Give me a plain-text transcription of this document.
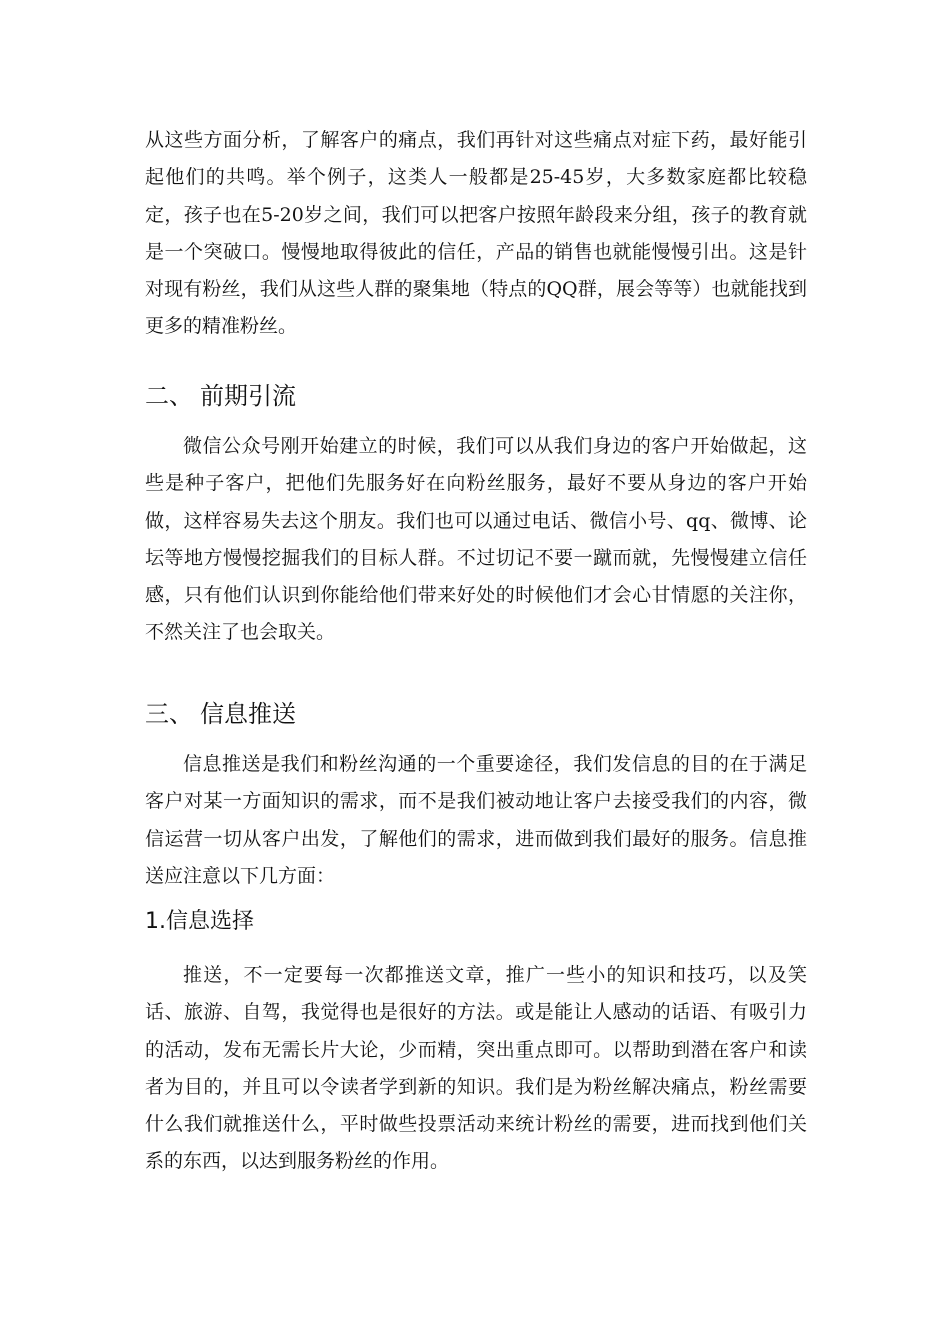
从这些方面分析，了解客户的痛点，我们再针对这些痛点对症下药，最好能引起他们的共鸣。举个例子，这类人一般都是25-45岁，大多数家庭都比较稳定，孩子也在5-20岁之间，我们可以把客户按照年龄段来分组，孩子的教育就是一个突破口。慢慢地取得彼此的信任，产品的销售也就能慢慢引出。这是针对现有粉丝，我们从这些人群的聚集地（特点的QQ群，展会等等）也就能找到更多的精准粉丝。

二、 前期引流

微信公众号刚开始建立的时候，我们可以从我们身边的客户开始做起，这些是种子客户，把他们先服务好在向粉丝服务，最好不要从身边的客户开始做，这样容易失去这个朋友。我们也可以通过电话、微信小号、qq、微博、论坛等地方慢慢挖掘我们的目标人群。不过切记不要一蹴而就，先慢慢建立信任感，只有他们认识到你能给他们带来好处的时候他们才会心甘情愿的关注你，不然关注了也会取关。

三、 信息推送

信息推送是我们和粉丝沟通的一个重要途径，我们发信息的目的在于满足客户对某一方面知识的需求，而不是我们被动地让客户去接受我们的内容，微信运营一切从客户出发，了解他们的需求，进而做到我们最好的服务。信息推送应注意以下几方面：

1.信息选择

推送，不一定要每一次都推送文章，推广一些小的知识和技巧，以及笑话、旅游、自驾，我觉得也是很好的方法。或是能让人感动的话语、有吸引力的活动，发布无需长片大论，少而精，突出重点即可。以帮助到潜在客户和读者为目的，并且可以令读者学到新的知识。我们是为粉丝解决痛点，粉丝需要什么我们就推送什么，平时做些投票活动来统计粉丝的需要，进而找到他们关系的东西，以达到服务粉丝的作用。
